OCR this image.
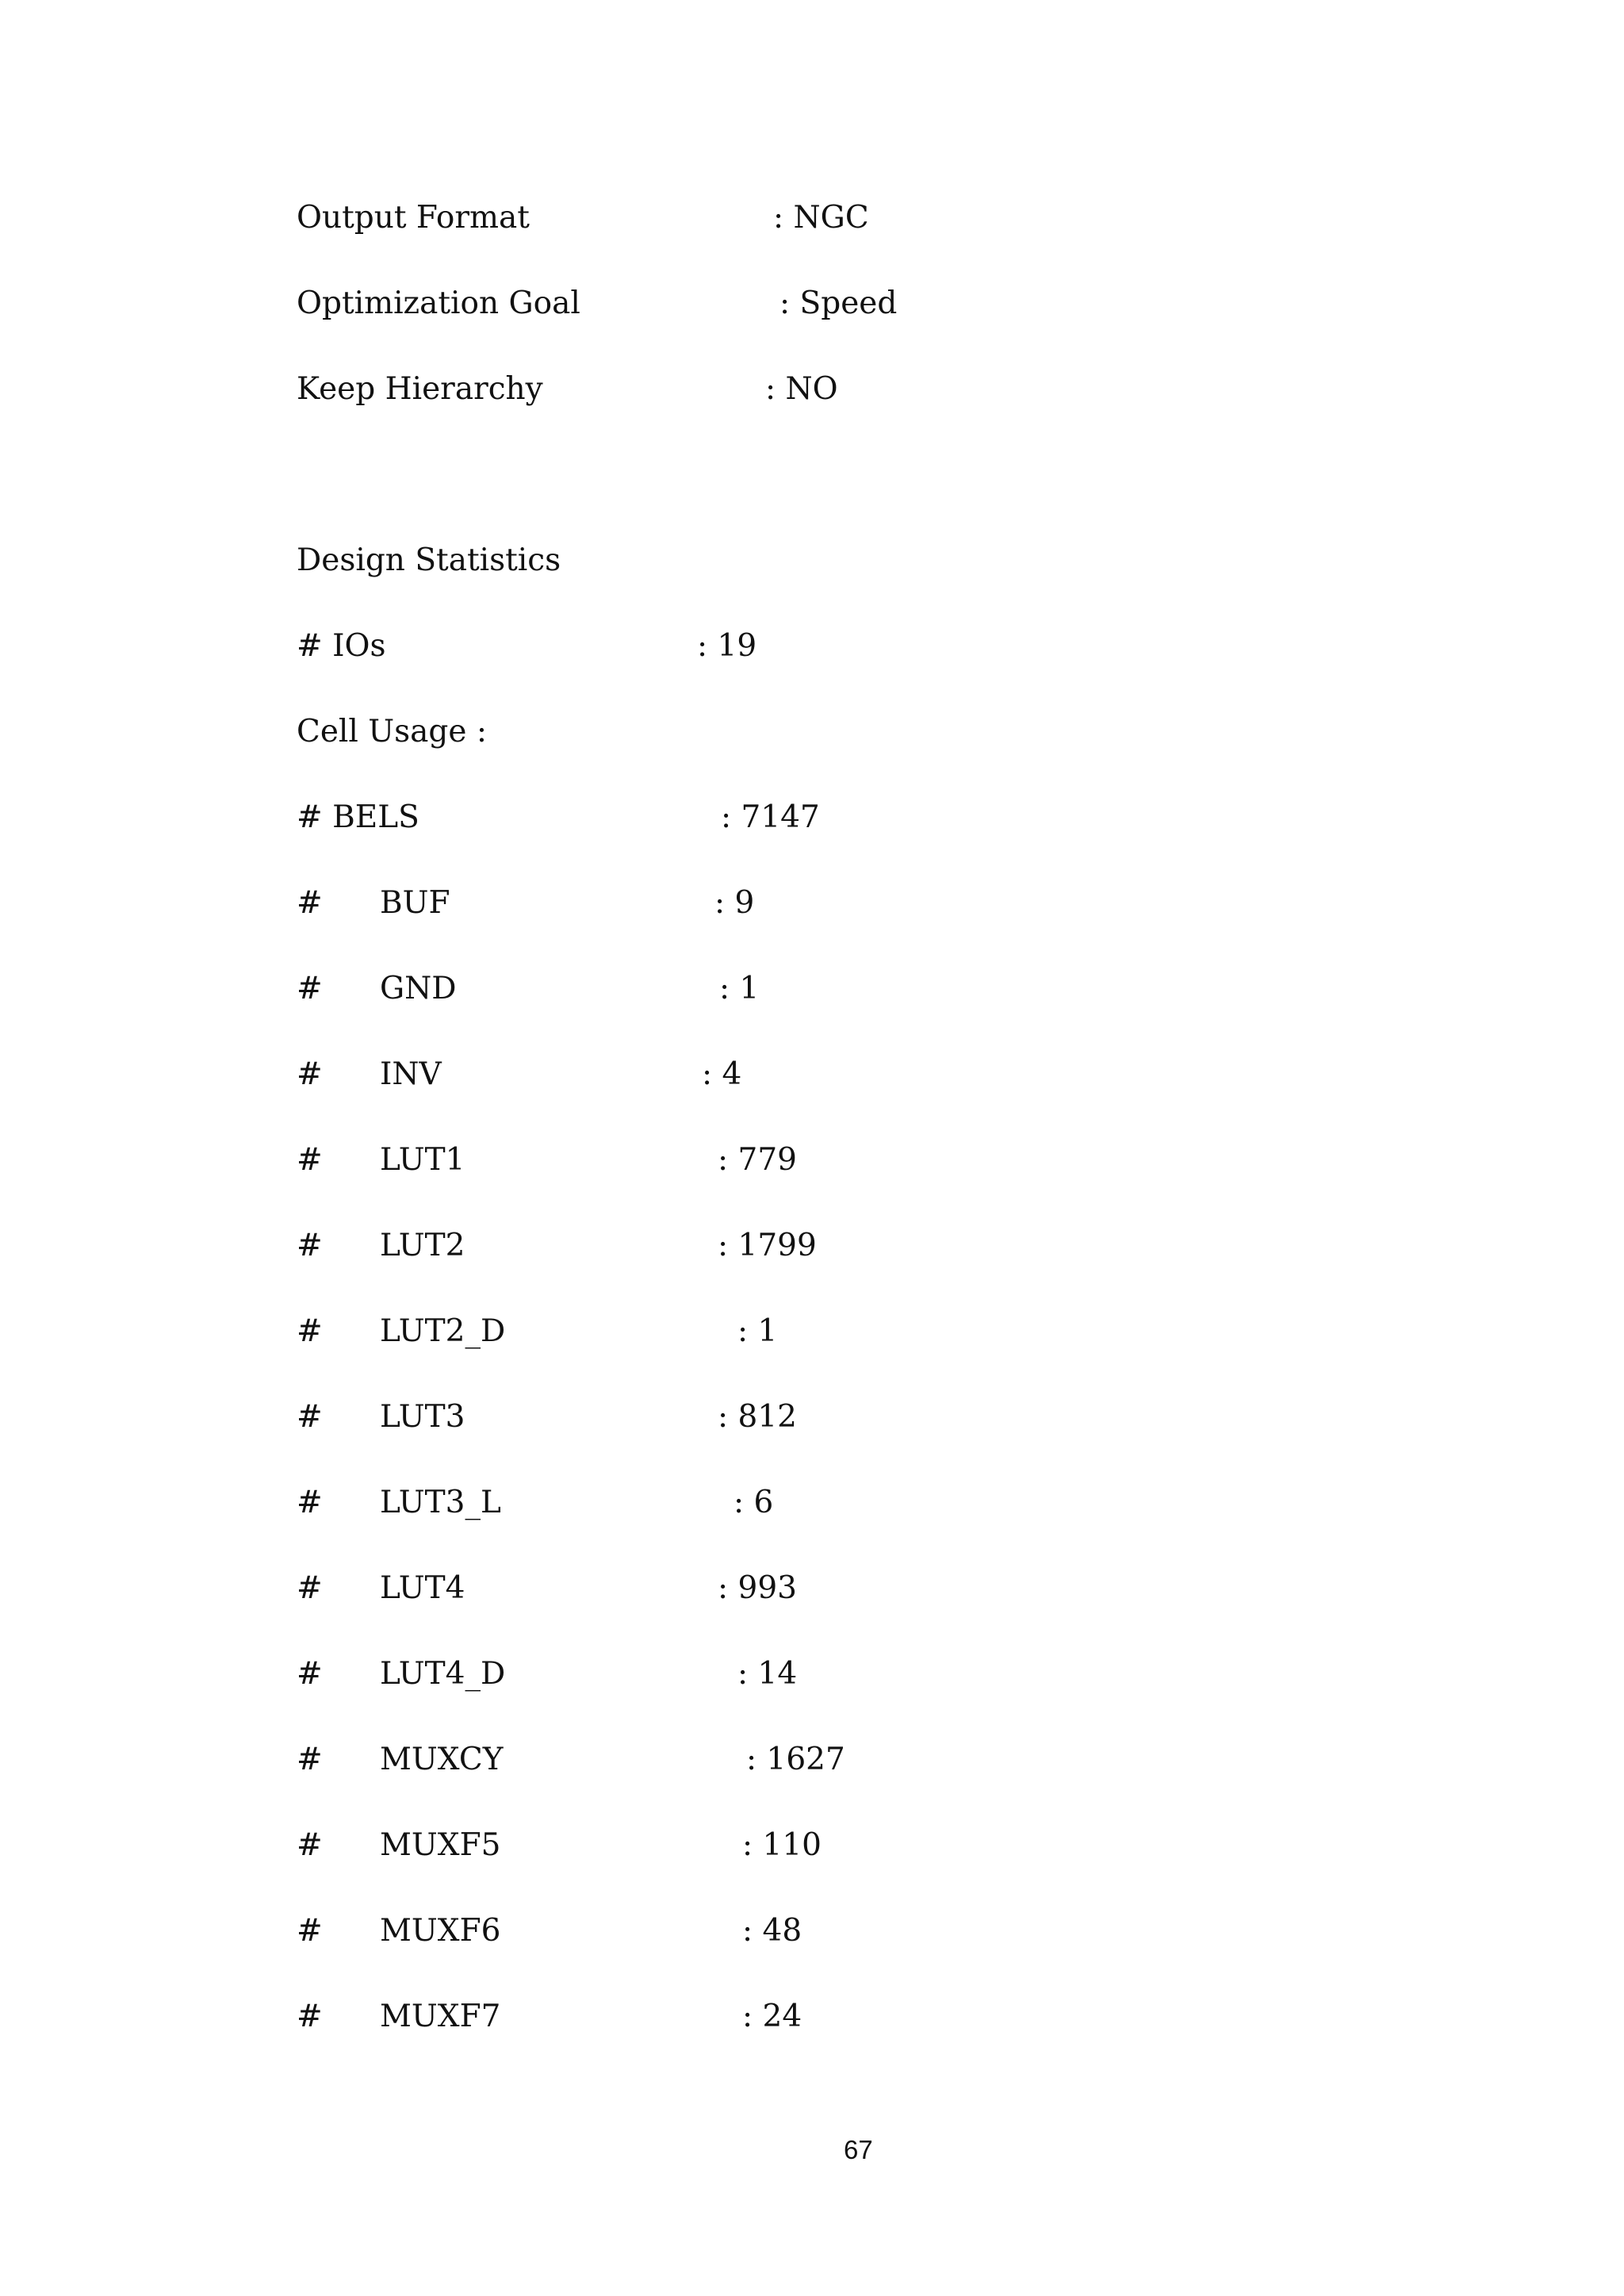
Output Format	: NGC
Optimization Goal	: Speed
Keep Hierarchy	: NO
Design Statistics
# IOs	: 19
Cell Usage :
# BELS	: 7147
# BUF	: 9
# GND	: 1
# INV	: 4
# LUT1	: 779
# LUT2	: 1799
# LUT2_D	: 1
# LUT3	: 812
# LUT3_L	: 6
# LUT4	: 993
# LUT4_D	: 14
# MUXCY	: 1627
# MUXF5	: 110
# MUXF6	: 48
# MUXF7	: 24
67
